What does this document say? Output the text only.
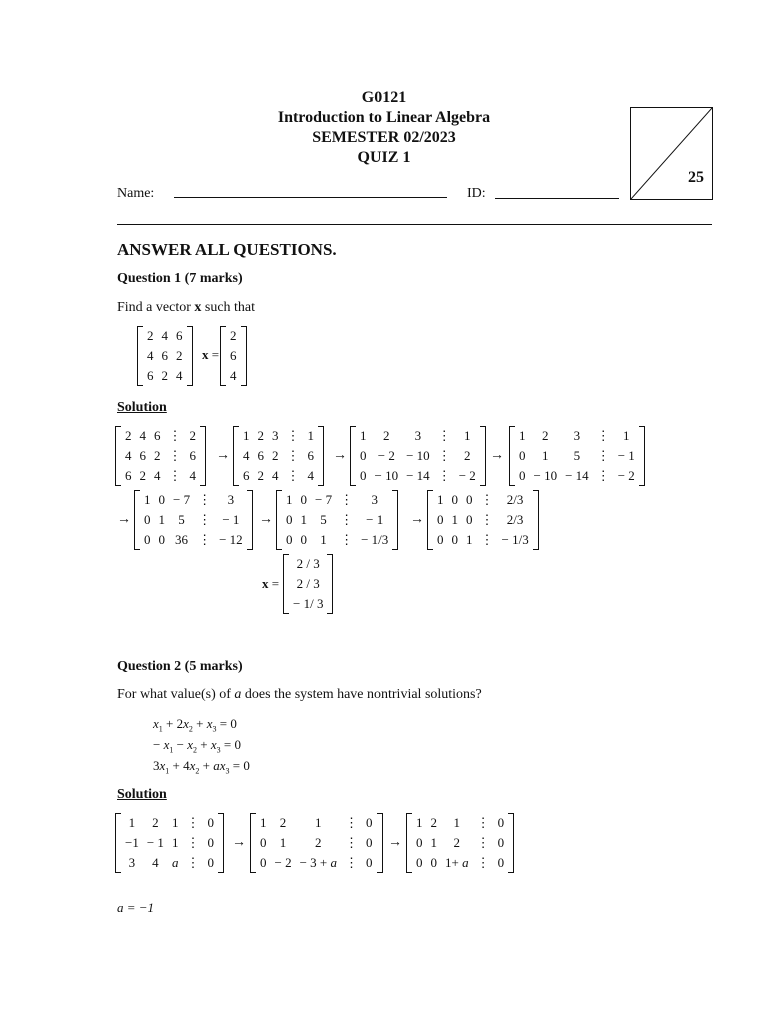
G0121
Introduction to Linear Algebra
SEMESTER 02/2023
QUIZ 1
25
Name:	ID:
ANSWER ALL QUESTIONS.
Question 1 (7 marks)
Find a vector x such that
2	4	6
4	6	2
6	2	4
x =
2
6
4
Solution
2	4	6	⋮	2
4	6	2	⋮	6
6	2	4	⋮	4
→
1	2	3	⋮	1
4	6	2	⋮	6
6	2	4	⋮	4
→
1	2	3	⋮	1
0	− 2	− 10	⋮	2
0	− 10	− 14	⋮	− 2
→
1	2	3	⋮	1
0	1	5	⋮	− 1
0	− 10	− 14	⋮	− 2
→
1	0	− 7	⋮	3
0	1	5	⋮	− 1
0	0	36	⋮	− 12
→
1	0	− 7	⋮	3
0	1	5	⋮	− 1
0	0	1	⋮	− 1/3
→
1	0	0	⋮	2/3
0	1	0	⋮	2/3
0	0	1	⋮	− 1/3
x =
2 / 3
2 / 3
− 1/ 3
Question 2 (5 marks)
For what value(s) of a does the system have nontrivial solutions?
$x_1 + 2x_2 + x_3 = 0$
− $x_1 - x_2 + x_3 = 0$
$3x_1 + 4x_2 + ax_3 = 0$
Solution
1	2	1	⋮	0
−1	− 1	1	⋮	0
3	4	a	⋮	0
→
1	2	1	⋮	0
0	1	2	⋮	0
0	− 2	− 3 + a	⋮	0
→
1	2	1	⋮	0
0	1	2	⋮	0
0	0	1+ a	⋮	0
a = −1
